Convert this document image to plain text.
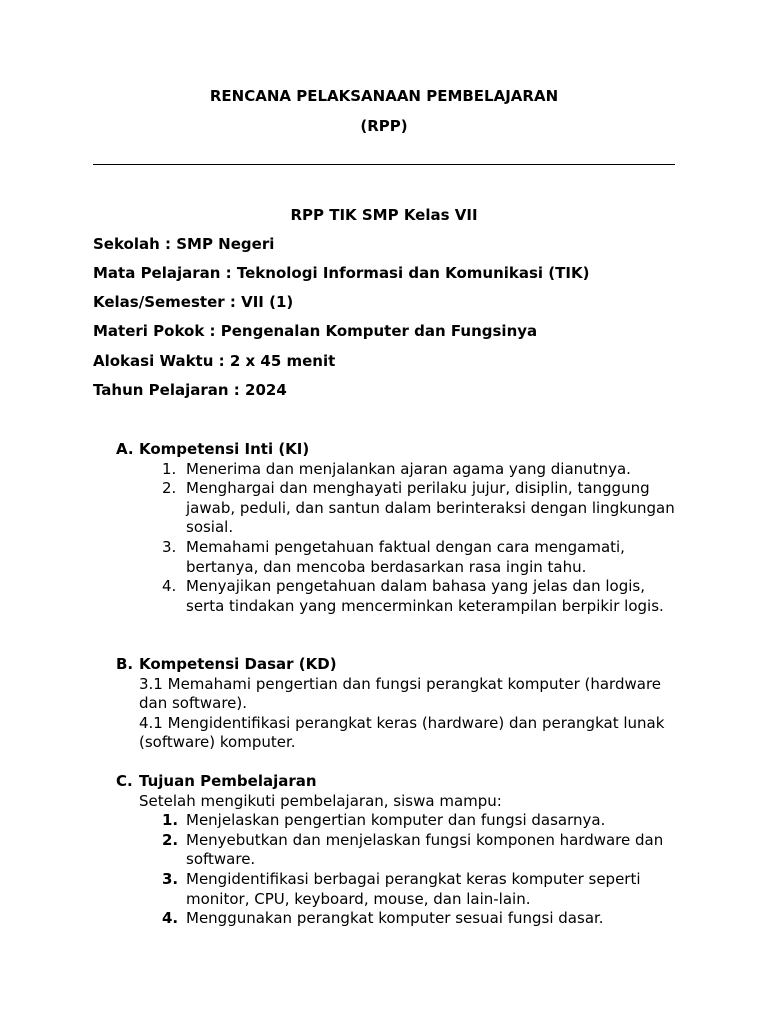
RENCANA PELAKSANAAN PEMBELAJARAN
(RPP)
RPP TIK SMP Kelas VII
Sekolah : SMP Negeri
Mata Pelajaran : Teknologi Informasi dan Komunikasi (TIK)
Kelas/Semester : VII (1)
Materi Pokok : Pengenalan Komputer dan Fungsinya
Alokasi Waktu : 2 x 45 menit
Tahun Pelajaran : 2024
A. Kompetensi Inti (KI)
1. Menerima dan menjalankan ajaran agama yang dianutnya.
2. Menghargai dan menghayati perilaku jujur, disiplin, tanggung jawab, peduli, dan santun dalam berinteraksi dengan lingkungan sosial.
3. Memahami pengetahuan faktual dengan cara mengamati, bertanya, dan mencoba berdasarkan rasa ingin tahu.
4. Menyajikan pengetahuan dalam bahasa yang jelas dan logis, serta tindakan yang mencerminkan keterampilan berpikir logis.
B. Kompetensi Dasar (KD)
3.1 Memahami pengertian dan fungsi perangkat komputer (hardware dan software).
4.1 Mengidentifikasi perangkat keras (hardware) dan perangkat lunak (software) komputer.
C. Tujuan Pembelajaran
Setelah mengikuti pembelajaran, siswa mampu:
1. Menjelaskan pengertian komputer dan fungsi dasarnya.
2. Menyebutkan dan menjelaskan fungsi komponen hardware dan software.
3. Mengidentifikasi berbagai perangkat keras komputer seperti monitor, CPU, keyboard, mouse, dan lain-lain.
4. Menggunakan perangkat komputer sesuai fungsi dasar.
